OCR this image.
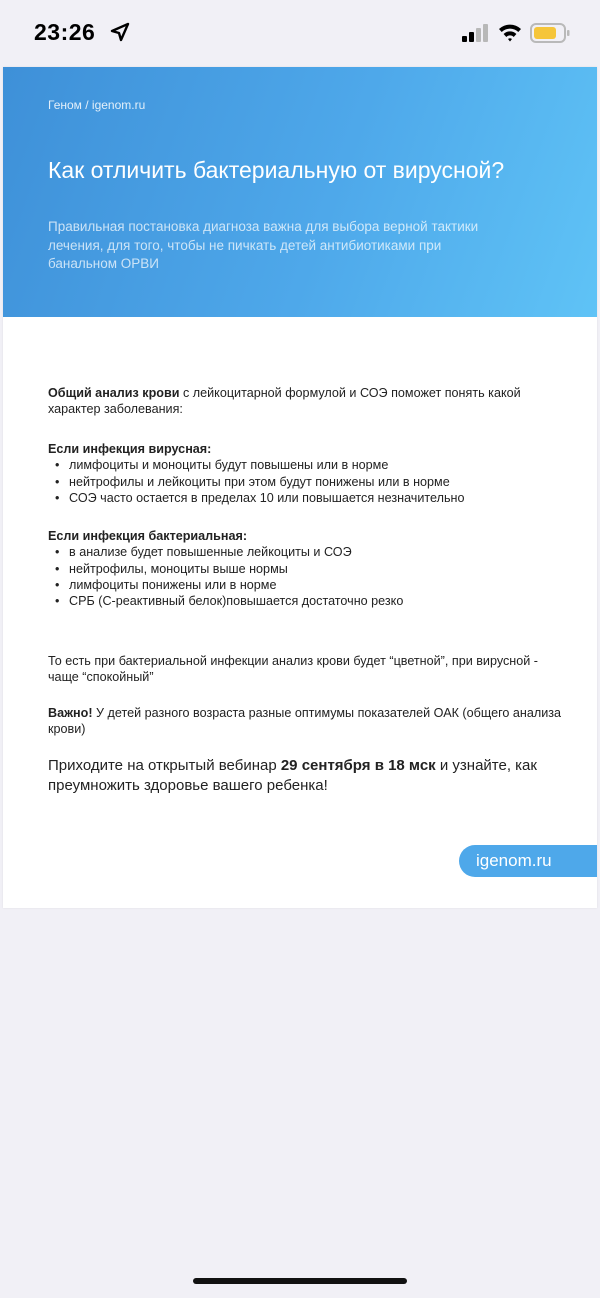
23:26
Геном / igenom.ru
Как отличить бактериальную от вирусной?

Правильная постановка диагноза важна для выбора верной тактики лечения, для того, чтобы не пичкать детей антибиотиками при банальном ОРВИ

Общий анализ крови с лейкоцитарной формулой и СОЭ поможет понять какой характер заболевания:

Если инфекция вирусная:
• лимфоциты и моноциты будут повышены или в норме
• нейтрофилы и лейкоциты при этом будут понижены или в норме
• СОЭ часто остается в пределах 10 или повышается незначительно
Если инфекция бактериальная:
• в анализе будет повышенные лейкоциты и СОЭ
• нейтрофилы, моноциты выше нормы
• лимфоциты понижены или в норме
• СРБ (С-реактивный белок)повышается достаточно резко

То есть при бактериальной инфекции анализ крови будет “цветной”, при вирусной - чаще “спокойный”

Важно! У детей разного возраста разные оптимумы показателей ОАК (общего анализа крови)

Приходите на открытый вебинар 29 сентября в 18 мск и узнайте, как преумножить здоровье вашего ребенка!

igenom.ru
